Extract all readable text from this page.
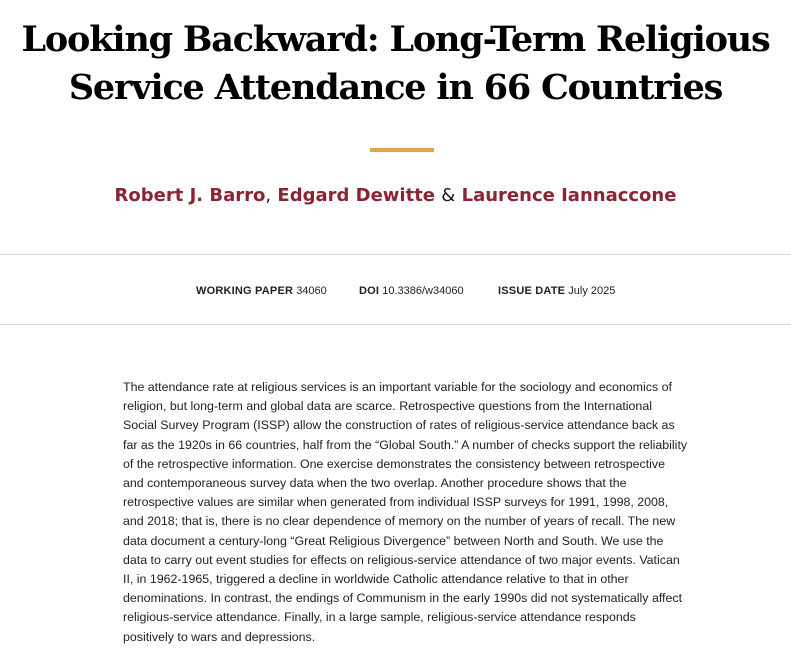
Looking Backward: Long-Term Religious
Service Attendance in 66 Countries
Robert J. Barro, Edgard Dewitte & Laurence Iannaccone
WORKING PAPER 34060	DOI 10.3386/w34060	ISSUE DATE July 2025

The attendance rate at religious services is an important variable for the sociology and economics of religion, but long-term and global data are scarce. Retrospective questions from the International Social Survey Program (ISSP) allow the construction of rates of religious-service attendance back as far as the 1920s in 66 countries, half from the “Global South.” A number of checks support the reliability of the retrospective information. One exercise demonstrates the consistency between retrospective and contemporaneous survey data when the two overlap. Another procedure shows that the retrospective values are similar when generated from individual ISSP surveys for 1991, 1998, 2008, and 2018; that is, there is no clear dependence of memory on the number of years of recall. The new data document a century-long “Great Religious Divergence” between North and South. We use the data to carry out event studies for effects on religious-service attendance of two major events. Vatican II, in 1962-1965, triggered a decline in worldwide Catholic attendance relative to that in other denominations. In contrast, the endings of Communism in the early 1990s did not systematically affect religious-service attendance. Finally, in a large sample, religious-service attendance responds positively to wars and depressions.
